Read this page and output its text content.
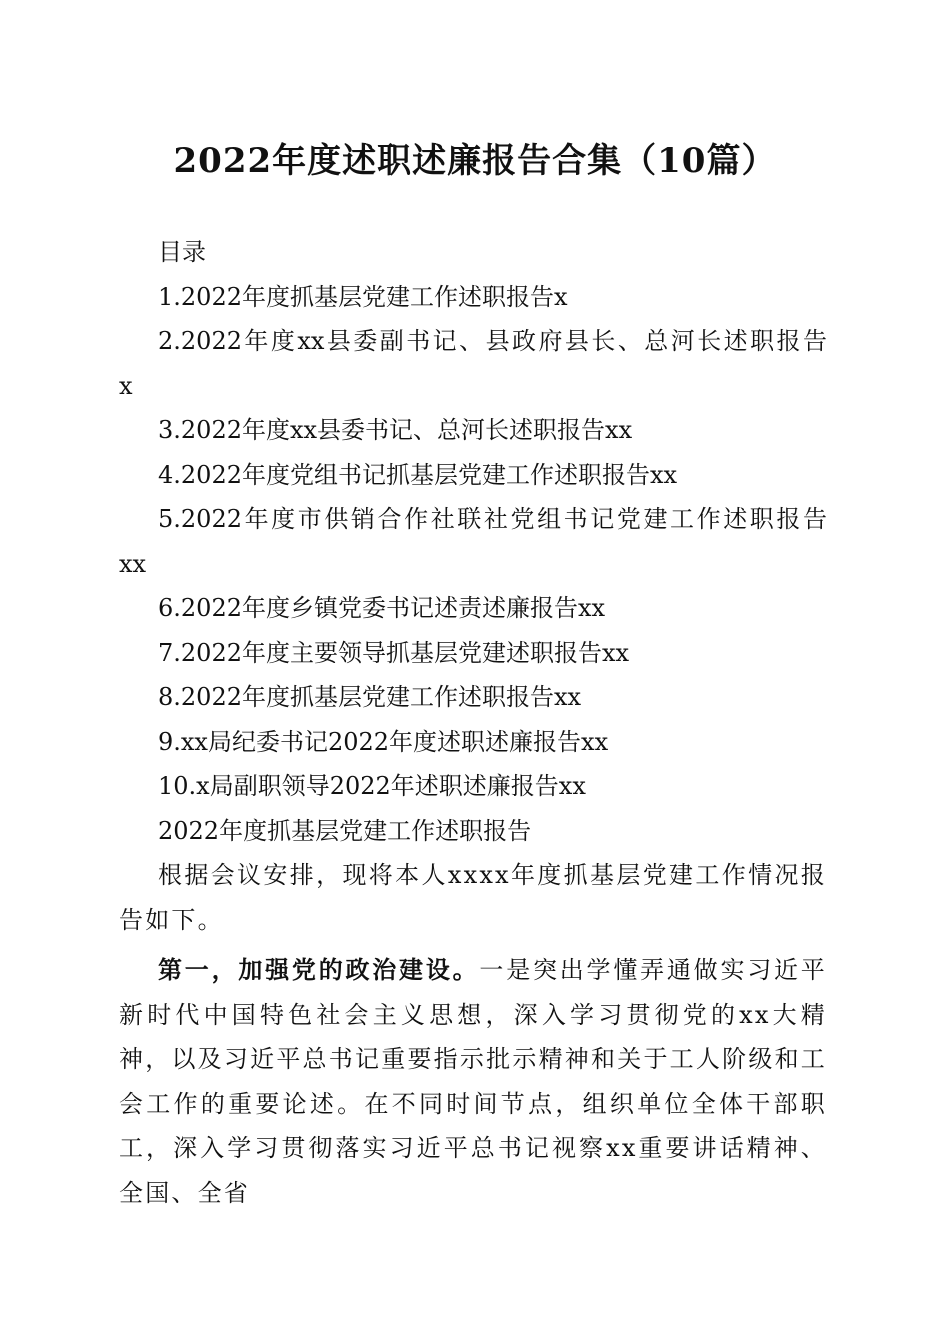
2022年度述职述廉报告合集（10篇）
目录
1.2022年度抓基层党建工作述职报告x
2.2022年度xx县委副书记、县政府县长、总河长述职报告
x
3.2022年度xx县委书记、总河长述职报告xx
4.2022年度党组书记抓基层党建工作述职报告xx
5.2022年度市供销合作社联社党组书记党建工作述职报告
xx
6.2022年度乡镇党委书记述责述廉报告xx
7.2022年度主要领导抓基层党建述职报告xx
8.2022年度抓基层党建工作述职报告xx
9.xx局纪委书记2022年度述职述廉报告xx
10.x局副职领导2022年述职述廉报告xx
2022年度抓基层党建工作述职报告

根据会议安排，现将本人xxxx年度抓基层党建工作情况报告如下。

第一，加强党的政治建设。一是突出学懂弄通做实习近平新时代中国特色社会主义思想，深入学习贯彻党的xx大精神，以及习近平总书记重要指示批示精神和关于工人阶级和工会工作的重要论述。在不同时间节点，组织单位全体干部职工，深入学习贯彻落实习近平总书记视察xx重要讲话精神、全国、全省
